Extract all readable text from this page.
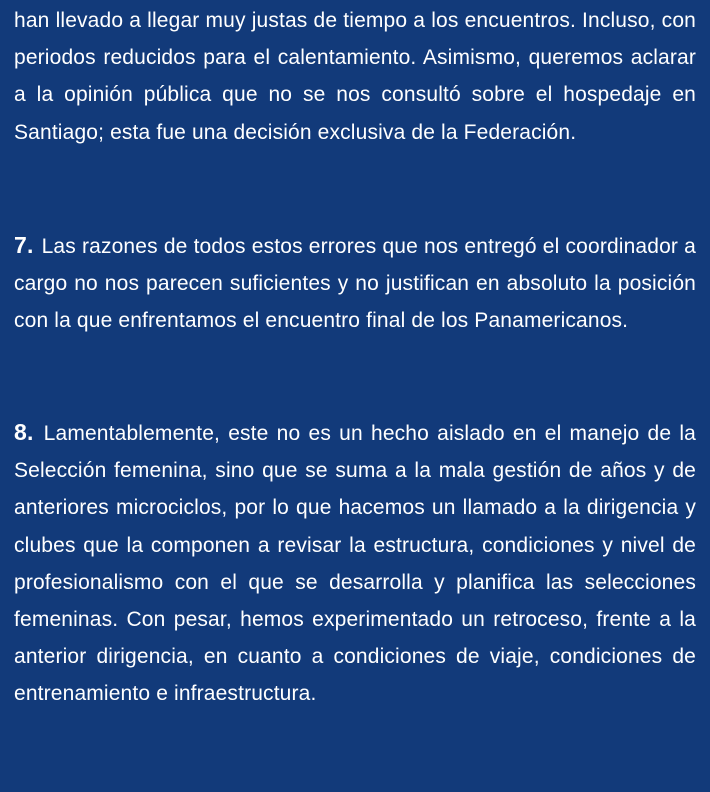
han llevado a llegar muy justas de tiempo a los encuentros. Incluso, con periodos reducidos para el calentamiento. Asimismo, queremos aclarar a la opinión pública que no se nos consultó sobre el hospedaje en Santiago; esta fue una decisión exclusiva de la Federación.

7. Las razones de todos estos errores que nos entregó el coordinador a cargo no nos parecen suficientes y no justifican en absoluto la posición con la que enfrentamos el encuentro final de los Panamericanos.

8. Lamentablemente, este no es un hecho aislado en el manejo de la Selección femenina, sino que se suma a la mala gestión de años y de anteriores microciclos, por lo que hacemos un llamado a la dirigencia y clubes que la componen a revisar la estructura, condiciones y nivel de profesionalismo con el que se desarrolla y planifica las selecciones femeninas. Con pesar, hemos experimentado un retroceso, frente a la anterior dirigencia, en cuanto a condiciones de viaje, condiciones de entrenamiento e infraestructura.
